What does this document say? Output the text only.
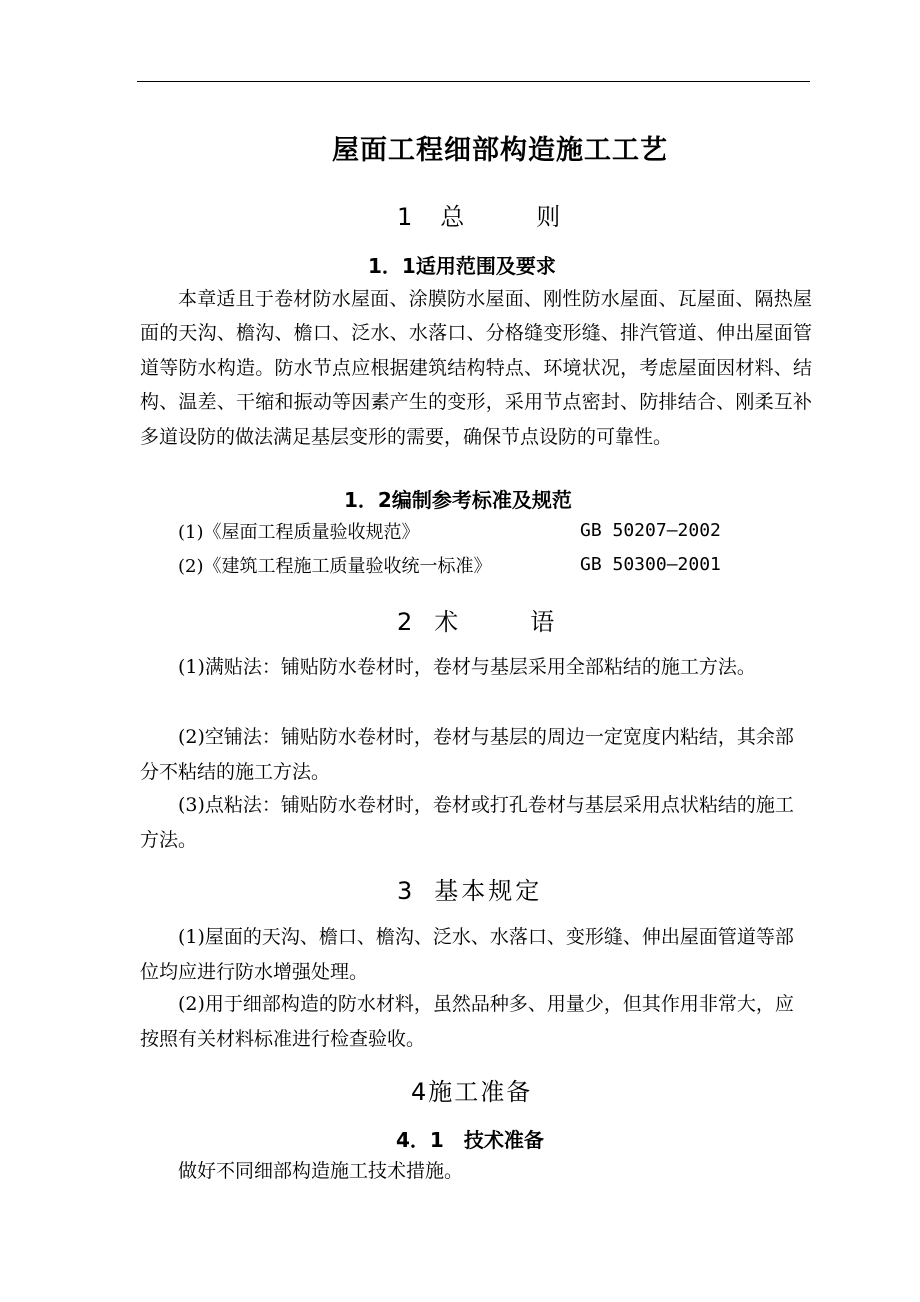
屋面工程细部构造施工工艺
1 总　　则
1．1适用范围及要求
本章适且于卷材防水屋面、涂膜防水屋面、刚性防水屋面、瓦屋面、隔热屋面的天沟、檐沟、檐口、泛水、水落口、分格缝变形缝、排汽管道、伸出屋面管道等防水构造。防水节点应根据建筑结构特点、环境状况，考虑屋面因材料、结构、温差、干缩和振动等因素产生的变形，采用节点密封、防排结合、刚柔互补多道设防的做法满足基层变形的需要，确保节点设防的可靠性。
1．2编制参考标准及规范
(1)《屋面工程质量验收规范》	GB 50207—2002
(2)《建筑工程施工质量验收统一标准》	GB 50300—2001
2 术　　语
(1)满贴法：铺贴防水卷材时，卷材与基层采用全部粘结的施工方法。
(2)空铺法：铺贴防水卷材时，卷材与基层的周边一定宽度内粘结，其余部分不粘结的施工方法。
(3)点粘法：铺贴防水卷材时，卷材或打孔卷材与基层采用点状粘结的施工方法。
3 基本规定
(1)屋面的天沟、檐口、檐沟、泛水、水落口、变形缝、伸出屋面管道等部位均应进行防水增强处理。
(2)用于细部构造的防水材料，虽然品种多、用量少，但其作用非常大，应按照有关材料标准进行检查验收。
4施工准备
4．1　技术准备
做好不同细部构造施工技术措施。
